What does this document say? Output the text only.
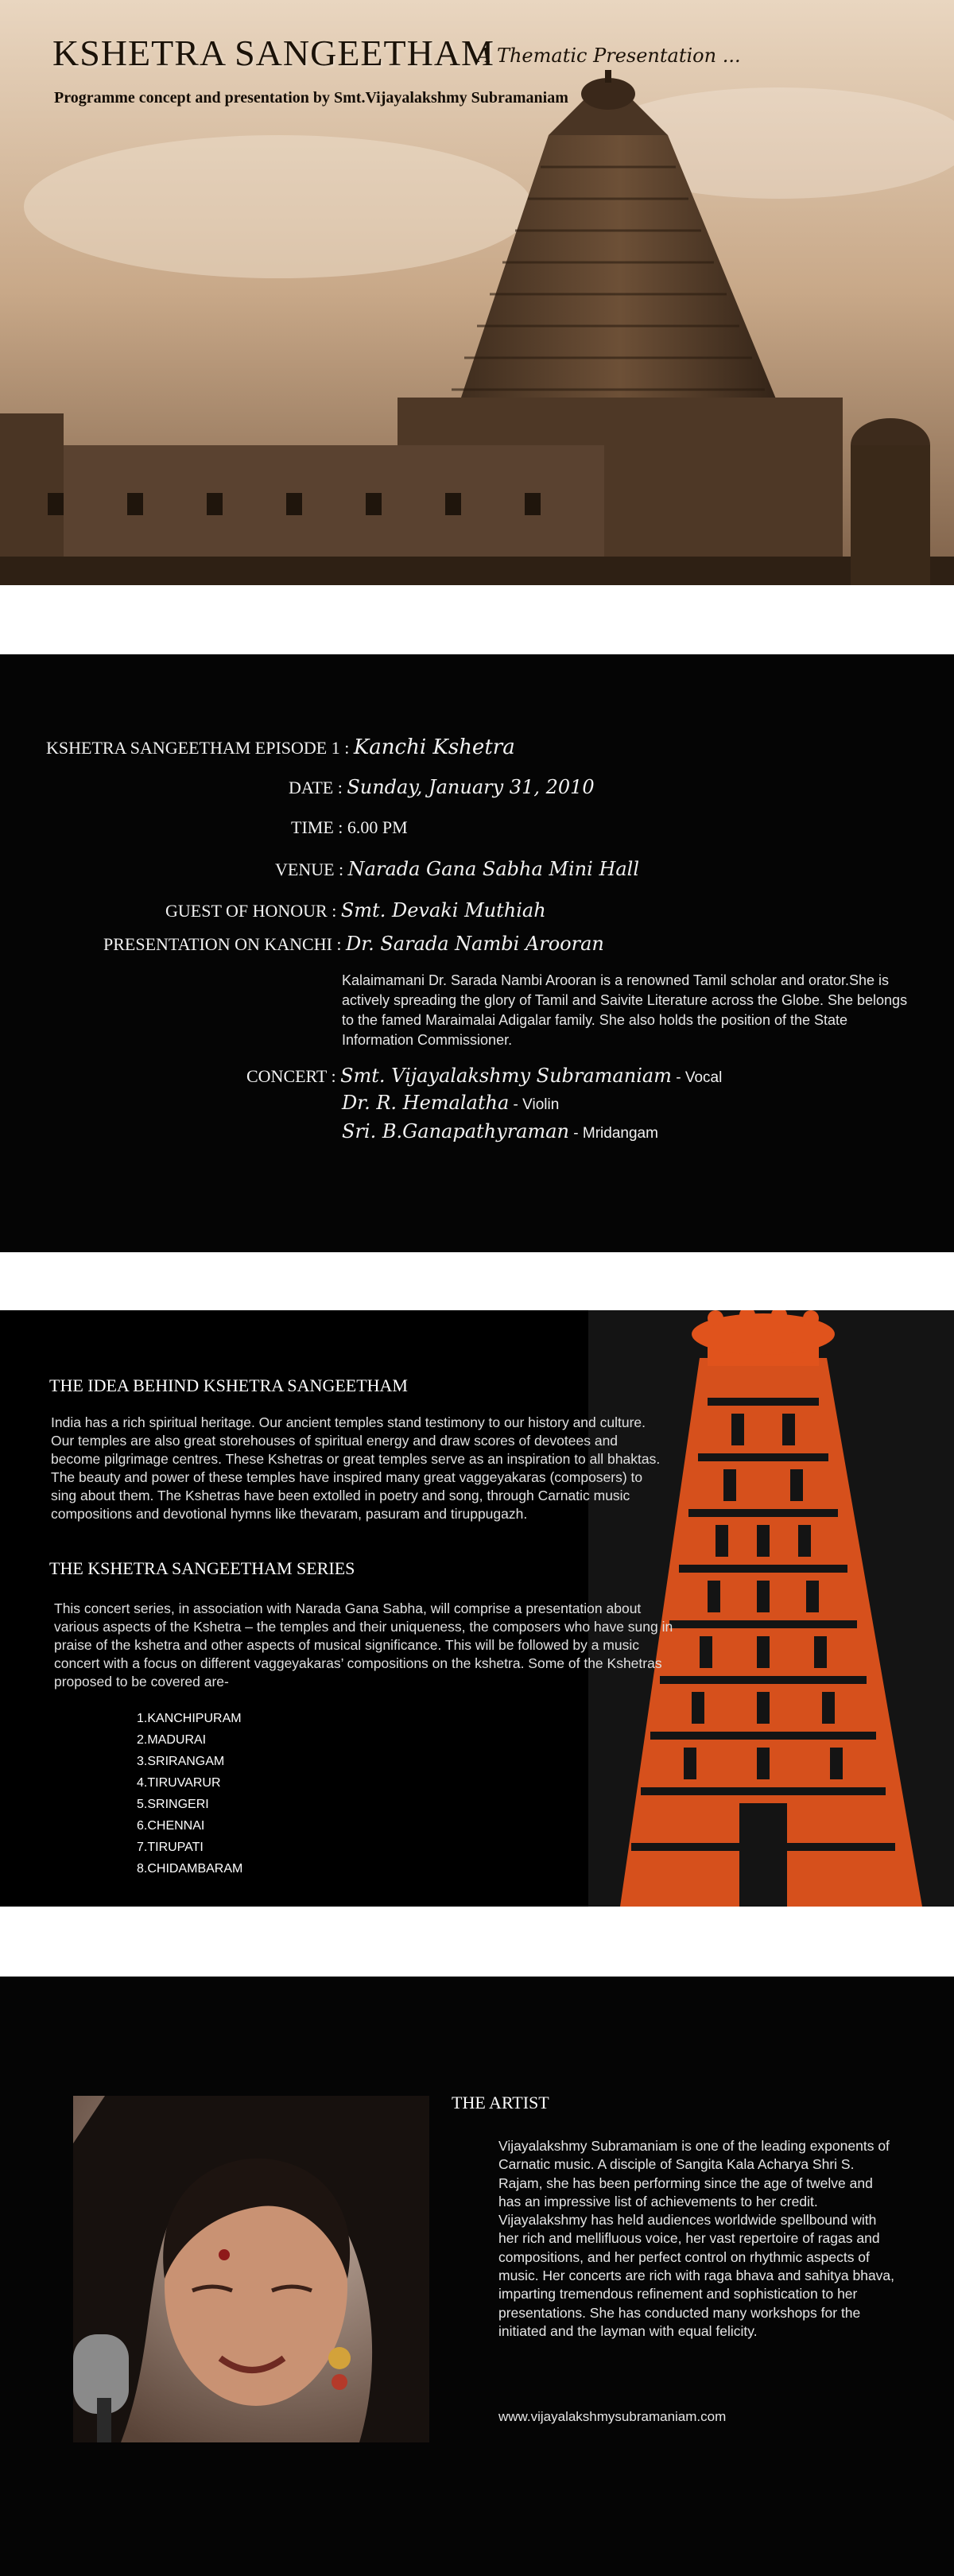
KSHETRA SANGEETHAM
A Thematic Presentation ...
Programme concept and presentation by Smt.Vijayalakshmy Subramaniam
KSHETRA SANGEETHAM EPISODE 1 : Kanchi Kshetra
DATE : Sunday, January 31, 2010
TIME : 6.00 PM
VENUE : Narada Gana Sabha Mini Hall
GUEST OF HONOUR : Smt. Devaki Muthiah
PRESENTATION ON KANCHI : Dr. Sarada Nambi Arooran
Kalaimamani Dr. Sarada Nambi Arooran is a renowned Tamil scholar and orator.She is actively spreading the glory of Tamil and Saivite Literature across the Globe. She belongs to the famed Maraimalai Adigalar family. She also holds the position of the State Information Commissioner.
CONCERT : Smt. Vijayalakshmy Subramaniam - Vocal
Dr. R. Hemalatha - Violin
Sri. B.Ganapathyraman - Mridangam
THE IDEA BEHIND KSHETRA SANGEETHAM
India has a rich spiritual heritage. Our ancient temples stand testimony to our history and culture. Our temples are also great storehouses of spiritual energy and draw scores of devotees and become pilgrimage centres. These Kshetras or great temples serve as an inspiration to all bhaktas. The beauty and power of these temples have inspired many great vaggeyakaras (composers) to sing about them. The Kshetras have been extolled in poetry and song, through Carnatic music compositions and devotional hymns like thevaram, pasuram and tiruppugazh.
THE KSHETRA SANGEETHAM SERIES
This concert series, in association with Narada Gana Sabha, will comprise a presentation about various aspects of the Kshetra – the temples and their uniqueness, the composers who have sung in praise of the kshetra and other aspects of musical significance. This will be followed by a music concert with a focus on different vaggeyakaras’ compositions on the kshetra. Some of the Kshetras proposed to be covered are-
1.KANCHIPURAM
2.MADURAI
3.SRIRANGAM
4.TIRUVARUR
5.SRINGERI
6.CHENNAI
7.TIRUPATI
8.CHIDAMBARAM
THE ARTIST
Vijayalakshmy Subramaniam is one of the leading exponents of Carnatic music. A disciple of Sangita Kala Acharya Shri S. Rajam, she has been performing since the age of twelve and has an impressive list of achievements to her credit. Vijayalakshmy has held audiences worldwide spellbound with her rich and mellifluous voice, her vast repertoire of ragas and compositions, and her perfect control on rhythmic aspects of music. Her concerts are rich with raga bhava and sahitya bhava, imparting tremendous refinement and sophistication to her presentations. She has conducted many workshops for the initiated and the layman with equal felicity.
www.vijayalakshmysubramaniam.com
